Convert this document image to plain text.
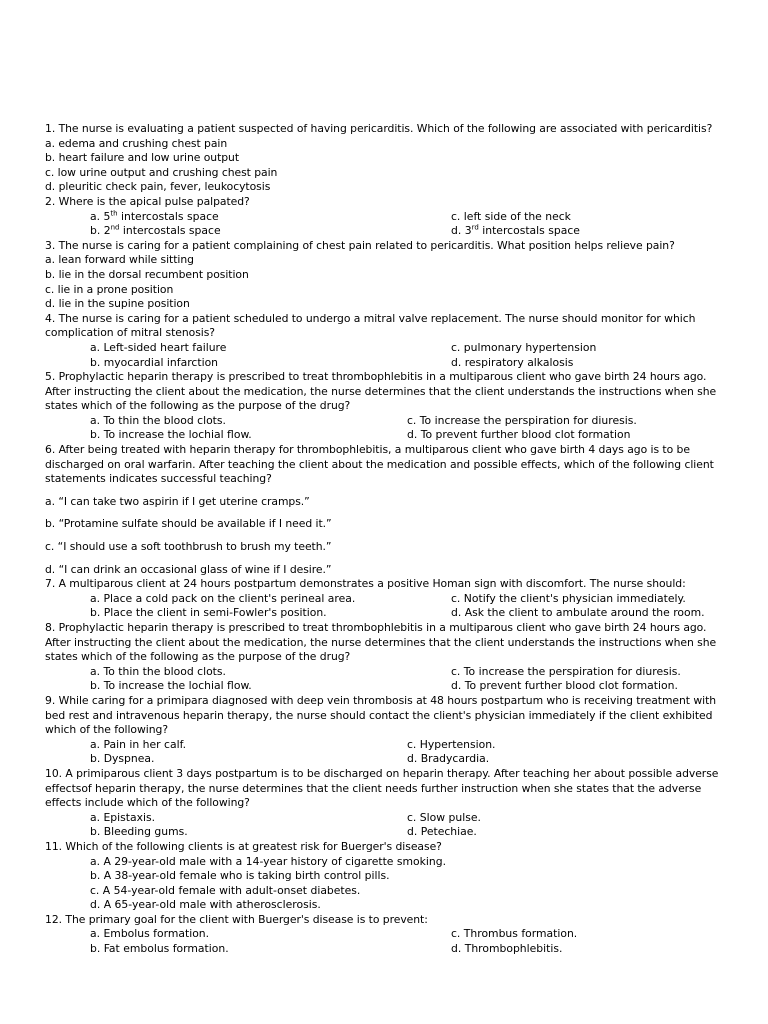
1. The nurse is evaluating a patient suspected of having pericarditis. Which of the following are associated with pericarditis?
a. edema and crushing chest pain
b. heart failure and low urine output
c. low urine output and crushing chest pain
d. pleuritic check pain, fever, leukocytosis
2. Where is the apical pulse palpated?
a. 5th intercostals space	c. left side of the neck
b. 2nd intercostals space	d. 3rd intercostals space
3. The nurse is caring for a patient complaining of chest pain related to pericarditis. What position helps relieve pain?
a. lean forward while sitting
b. lie in the dorsal recumbent position
c. lie in a prone position
d. lie in the supine position
4. The nurse is caring for a patient scheduled to undergo a mitral valve replacement. The nurse should monitor for which complication of mitral stenosis?
a. Left-sided heart failure	c. pulmonary hypertension
b. myocardial infarction	d. respiratory alkalosis
5. Prophylactic heparin therapy is prescribed to treat thrombophlebitis in a multiparous client who gave birth 24 hours ago. After instructing the client about the medication, the nurse determines that the client understands the instructions when she states which of the following as the purpose of the drug?
a. To thin the blood clots.	c. To increase the perspiration for diuresis.
b. To increase the lochial flow.	d. To prevent further blood clot formation
6. After being treated with heparin therapy for thrombophlebitis, a multiparous client who gave birth 4 days ago is to be discharged on oral warfarin. After teaching the client about the medication and possible effects, which of the following client statements indicates successful teaching?
a. “I can take two aspirin if I get uterine cramps.”
b. “Protamine sulfate should be available if I need it.”
c. “I should use a soft toothbrush to brush my teeth.”
d. “I can drink an occasional glass of wine if I desire.”
7. A multiparous client at 24 hours postpartum demonstrates a positive Homan sign with discomfort. The nurse should:
a. Place a cold pack on the client's perineal area.	c. Notify the client's physician immediately.
b. Place the client in semi-Fowler's position.	d. Ask the client to ambulate around the room.
8. Prophylactic heparin therapy is prescribed to treat thrombophlebitis in a multiparous client who gave birth 24 hours ago. After instructing the client about the medication, the nurse determines that the client understands the instructions when she states which of the following as the purpose of the drug?
a. To thin the blood clots.	c. To increase the perspiration for diuresis.
b. To increase the lochial flow.	d. To prevent further blood clot formation.
9. While caring for a primipara diagnosed with deep vein thrombosis at 48 hours postpartum who is receiving treatment with bed rest and intravenous heparin therapy, the nurse should contact the client's physician immediately if the client exhibited which of the following?
a. Pain in her calf.	c. Hypertension.
b. Dyspnea.	d. Bradycardia.
10. A primiparous client 3 days postpartum is to be discharged on heparin therapy. After teaching her about possible adverse effectsof heparin therapy, the nurse determines that the client needs further instruction when she states that the adverse effects include which of the following?
a. Epistaxis.	c. Slow pulse.
b. Bleeding gums.	d. Petechiae.
11. Which of the following clients is at greatest risk for Buerger's disease?
a. A 29-year-old male with a 14-year history of cigarette smoking.
b. A 38-year-old female who is taking birth control pills.
c. A 54-year-old female with adult-onset diabetes.
d. A 65-year-old male with atherosclerosis.
12. The primary goal for the client with Buerger's disease is to prevent:
a. Embolus formation.	c. Thrombus formation.
b. Fat embolus formation.	d. Thrombophlebitis.
